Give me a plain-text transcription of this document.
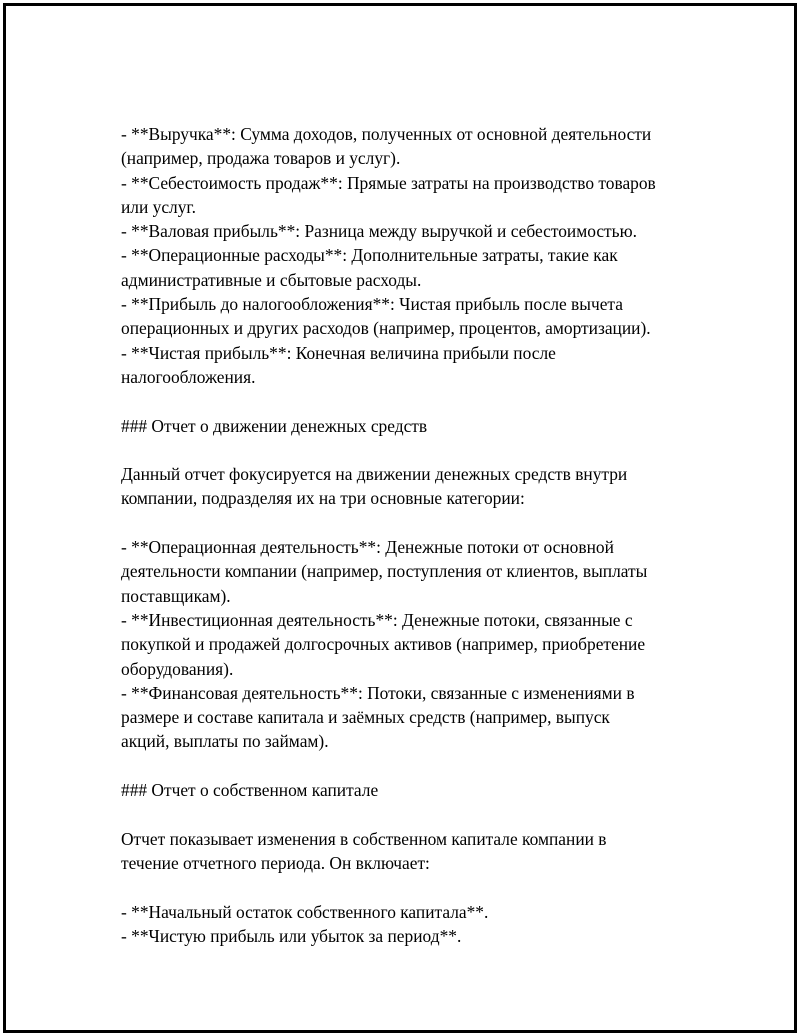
- **Выручка**: Сумма доходов, полученных от основной деятельности
(например, продажа товаров и услуг).
- **Себестоимость продаж**: Прямые затраты на производство товаров
или услуг.
- **Валовая прибыль**: Разница между выручкой и себестоимостью.
- **Операционные расходы**: Дополнительные затраты, такие как
административные и сбытовые расходы.
- **Прибыль до налогообложения**: Чистая прибыль после вычета
операционных и других расходов (например, процентов, амортизации).
- **Чистая прибыль**: Конечная величина прибыли после
налогообложения.
### Отчет о движении денежных средств
Данный отчет фокусируется на движении денежных средств внутри
компании, подразделяя их на три основные категории:
- **Операционная деятельность**: Денежные потоки от основной
деятельности компании (например, поступления от клиентов, выплаты
поставщикам).
- **Инвестиционная деятельность**: Денежные потоки, связанные с
покупкой и продажей долгосрочных активов (например, приобретение
оборудования).
- **Финансовая деятельность**: Потоки, связанные с изменениями в
размере и составе капитала и заёмных средств (например, выпуск
акций, выплаты по займам).
### Отчет о собственном капитале
Отчет показывает изменения в собственном капитале компании в
течение отчетного периода. Он включает:
- **Начальный остаток собственного капитала**.
- **Чистую прибыль или убыток за период**.
